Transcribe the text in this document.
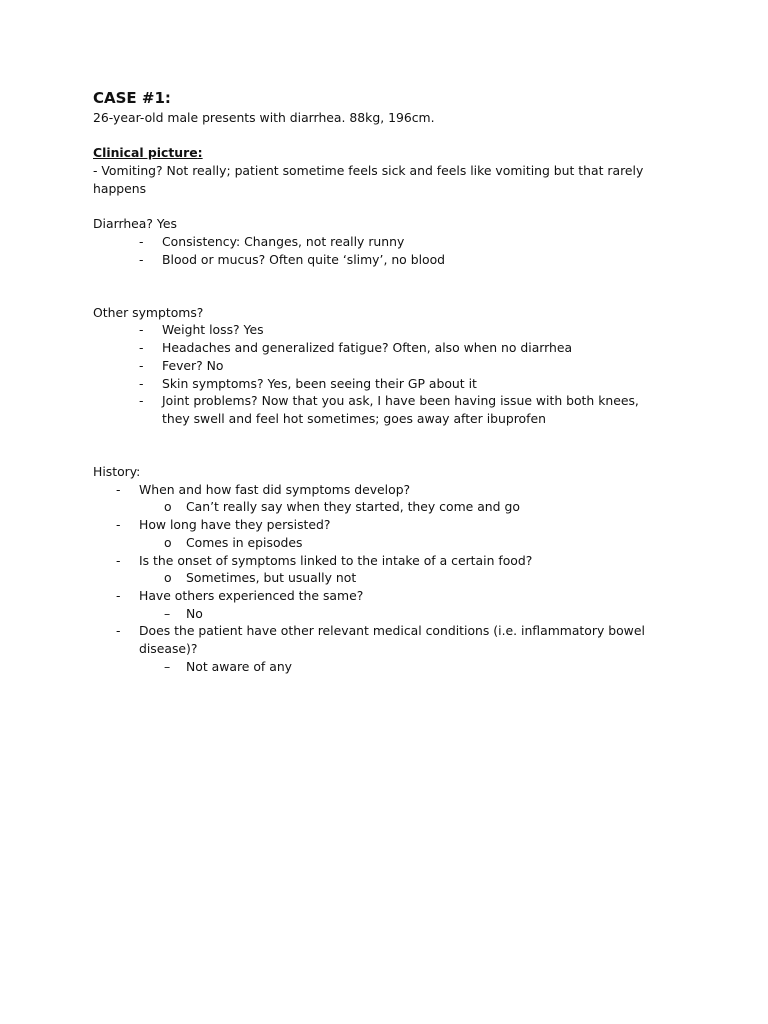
CASE #1:
26-year-old male presents with diarrhea. 88kg, 196cm.
Clinical picture:
- Vomiting? Not really; patient sometime feels sick and feels like vomiting but that rarely
happens
Diarrhea? Yes
- Consistency: Changes, not really runny
- Blood or mucus? Often quite ‘slimy’, no blood
Other symptoms?
- Weight loss? Yes
- Headaches and generalized fatigue? Often, also when no diarrhea
- Fever? No
- Skin symptoms? Yes, been seeing their GP about it
- Joint problems? Now that you ask, I have been having issue with both knees,
they swell and feel hot sometimes; goes away after ibuprofen
History:
- When and how fast did symptoms develop?
o Can’t really say when they started, they come and go
- How long have they persisted?
o Comes in episodes
- Is the onset of symptoms linked to the intake of a certain food?
o Sometimes, but usually not
- Have others experienced the same?
– No
- Does the patient have other relevant medical conditions (i.e. inflammatory bowel
disease)?
– Not aware of any
